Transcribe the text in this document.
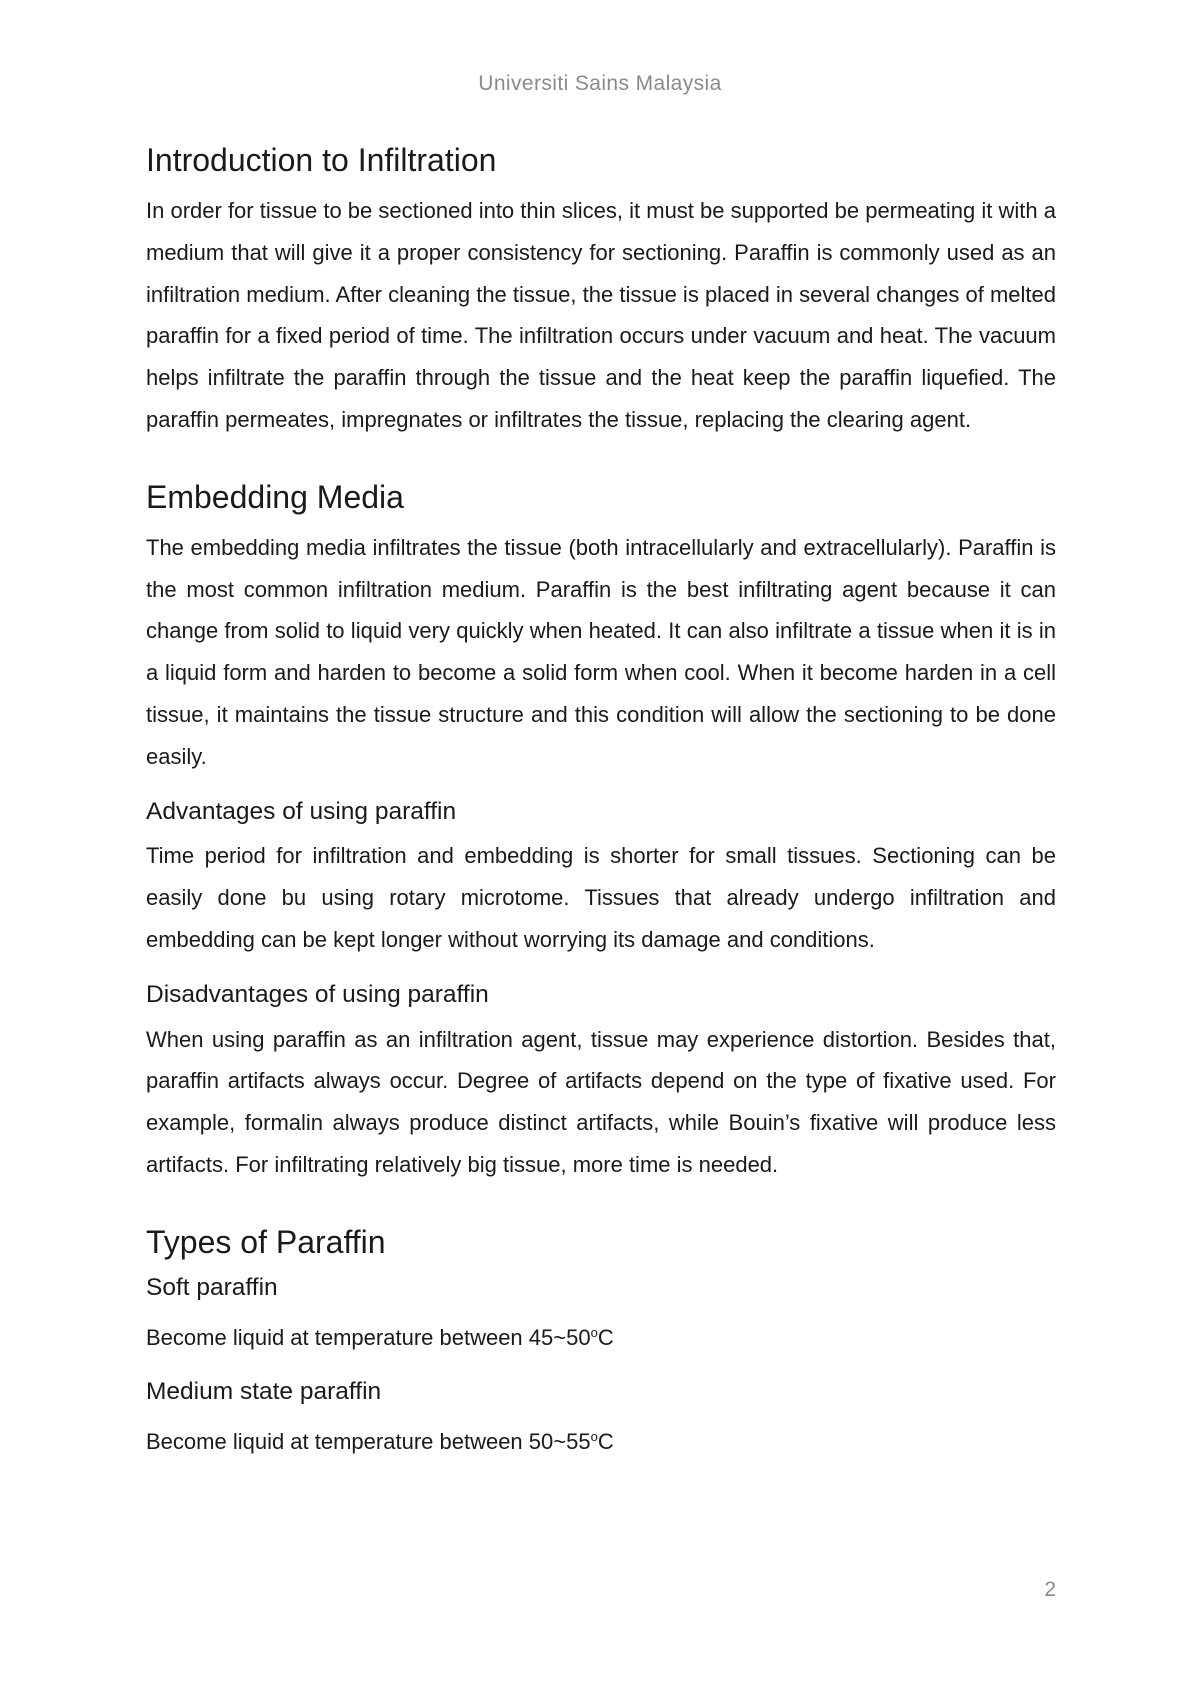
Universiti Sains Malaysia
Introduction to Infiltration

In order for tissue to be sectioned into thin slices, it must be supported be permeating it with a medium that will give it a proper consistency for sectioning. Paraffin is commonly used as an infiltration medium. After cleaning the tissue, the tissue is placed in several changes of melted paraffin for a fixed period of time. The infiltration occurs under vacuum and heat. The vacuum helps infiltrate the paraffin through the tissue and the heat keep the paraffin liquefied. The paraffin permeates, impregnates or infiltrates the tissue, replacing the clearing agent.

Embedding Media

The embedding media infiltrates the tissue (both intracellularly and extracellularly). Paraffin is the most common infiltration medium. Paraffin is the best infiltrating agent because it can change from solid to liquid very quickly when heated. It can also infiltrate a tissue when it is in a liquid form and harden to become a solid form when cool. When it become harden in a cell tissue, it maintains the tissue structure and this condition will allow the sectioning to be done easily.

Advantages of using paraffin

Time period for infiltration and embedding is shorter for small tissues. Sectioning can be easily done bu using rotary microtome. Tissues that already undergo infiltration and embedding can be kept longer without worrying its damage and conditions.

Disadvantages of using paraffin

When using paraffin as an infiltration agent, tissue may experience distortion. Besides that, paraffin artifacts always occur. Degree of artifacts depend on the type of fixative used. For example, formalin always produce distinct artifacts, while Bouin’s fixative will produce less artifacts. For infiltrating relatively big tissue, more time is needed.

Types of Paraffin
Soft paraffin

Become liquid at temperature between 45~50$^o$C

Medium state paraffin

Become liquid at temperature between 50~55$^o$C

2
